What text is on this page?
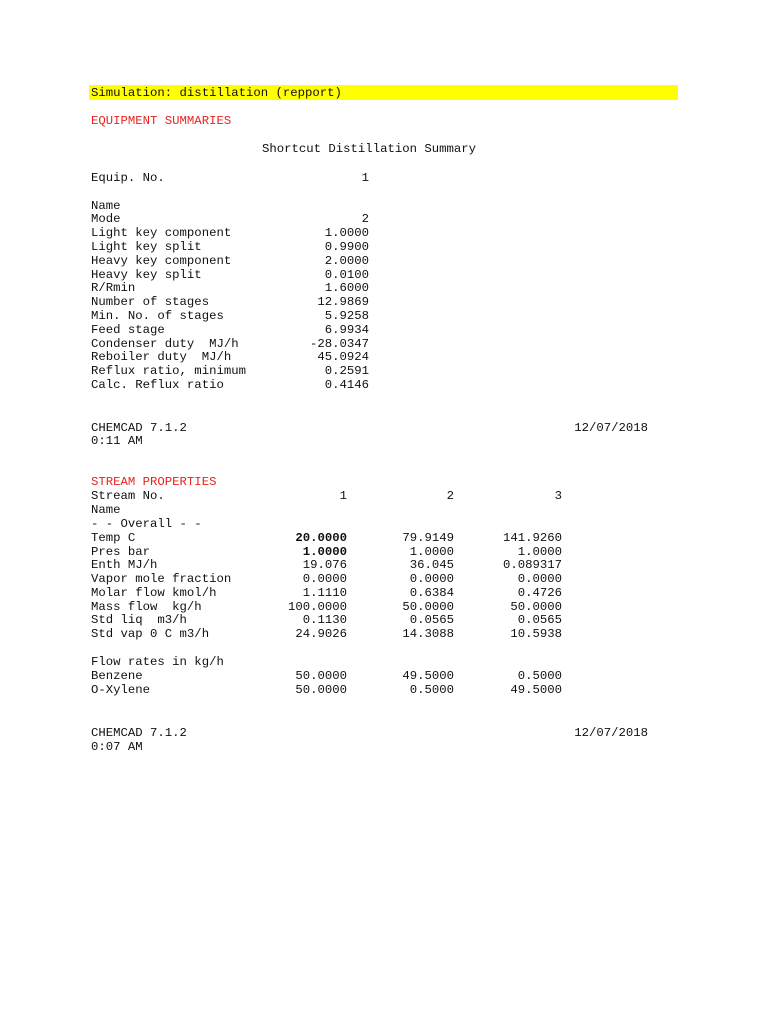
Simulation: distillation (repport)
EQUIPMENT SUMMARIES
Shortcut Distillation Summary
Equip. No.	1
Name
Mode	2
Light key component	1.0000
Light key split	0.9900
Heavy key component	2.0000
Heavy key split	0.0100
R/Rmin	1.6000
Number of stages	12.9869
Min. No. of stages	5.9258
Feed stage	6.9934
Condenser duty  MJ/h	-28.0347
Reboiler duty  MJ/h	45.0924
Reflux ratio, minimum	0.2591
Calc. Reflux ratio	0.4146
CHEMCAD 7.1.2	12/07/2018
0:11 AM
STREAM PROPERTIES
Stream No.	1	2	3
Name
- - Overall - -
Temp C	20.0000	79.9149	141.9260
Pres bar	1.0000	1.0000	1.0000
Enth MJ/h	19.076	36.045	0.089317
Vapor mole fraction	0.0000	0.0000	0.0000
Molar flow kmol/h	1.1110	0.6384	0.4726
Mass flow  kg/h	100.0000	50.0000	50.0000
Std liq  m3/h	0.1130	0.0565	0.0565
Std vap 0 C m3/h	24.9026	14.3088	10.5938
Flow rates in kg/h
Benzene	50.0000	49.5000	0.5000
O-Xylene	50.0000	0.5000	49.5000
CHEMCAD 7.1.2	12/07/2018
0:07 AM
